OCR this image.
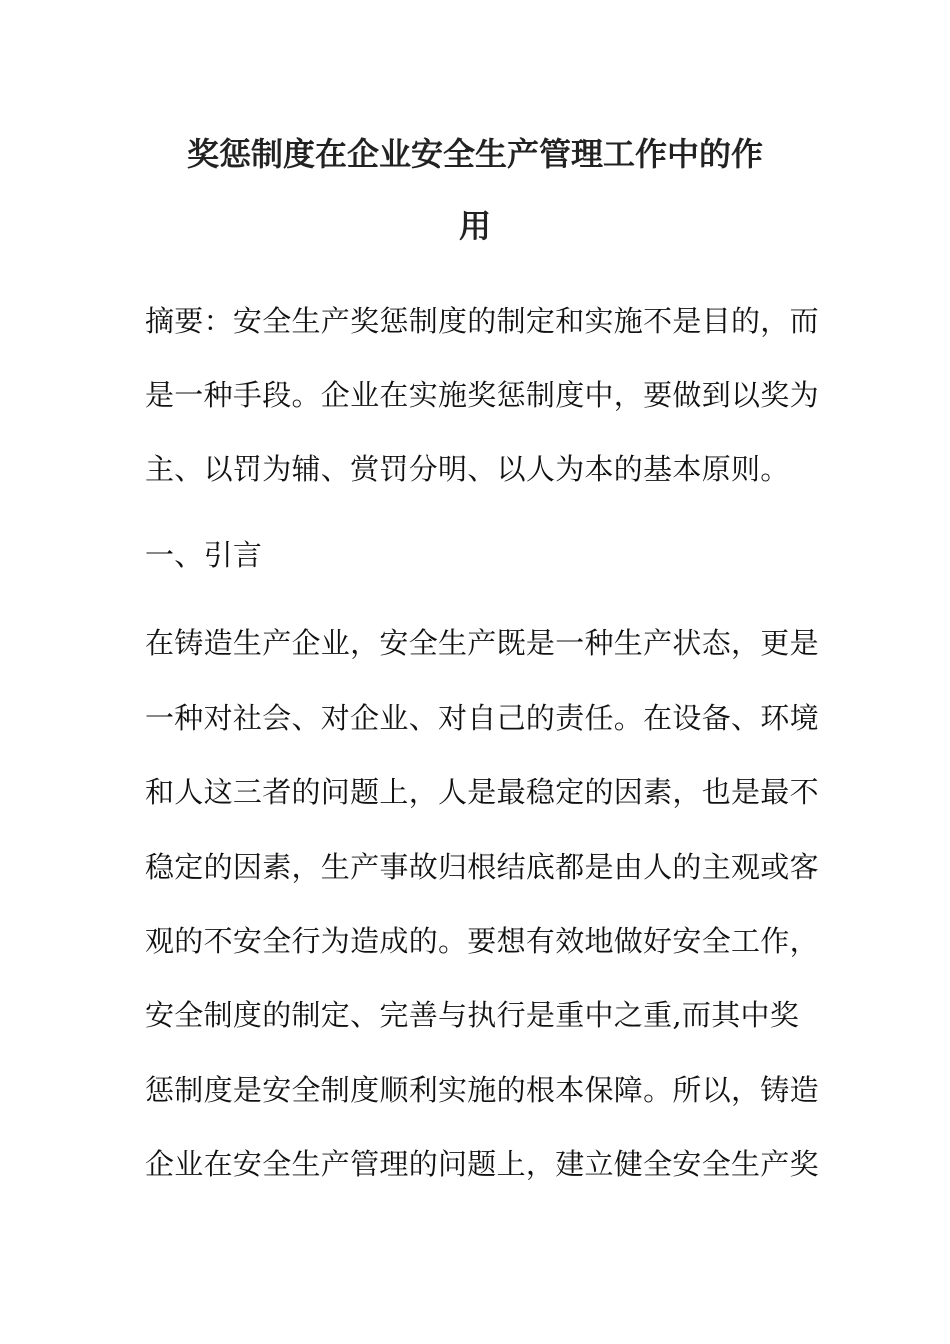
奖惩制度在企业安全生产管理工作中的作
用
摘要：安全生产奖惩制度的制定和实施不是目的，而
是一种手段。企业在实施奖惩制度中，要做到以奖为
主、以罚为辅、赏罚分明、以人为本的基本原则。
一、引言
在铸造生产企业，安全生产既是一种生产状态，更是
一种对社会、对企业、对自己的责任。在设备、环境
和人这三者的问题上，人是最稳定的因素，也是最不
稳定的因素，生产事故归根结底都是由人的主观或客
观的不安全行为造成的。要想有效地做好安全工作，
安全制度的制定、完善与执行是重中之重,而其中奖
惩制度是安全制度顺利实施的根本保障。所以，铸造
企业在安全生产管理的问题上，建立健全安全生产奖
